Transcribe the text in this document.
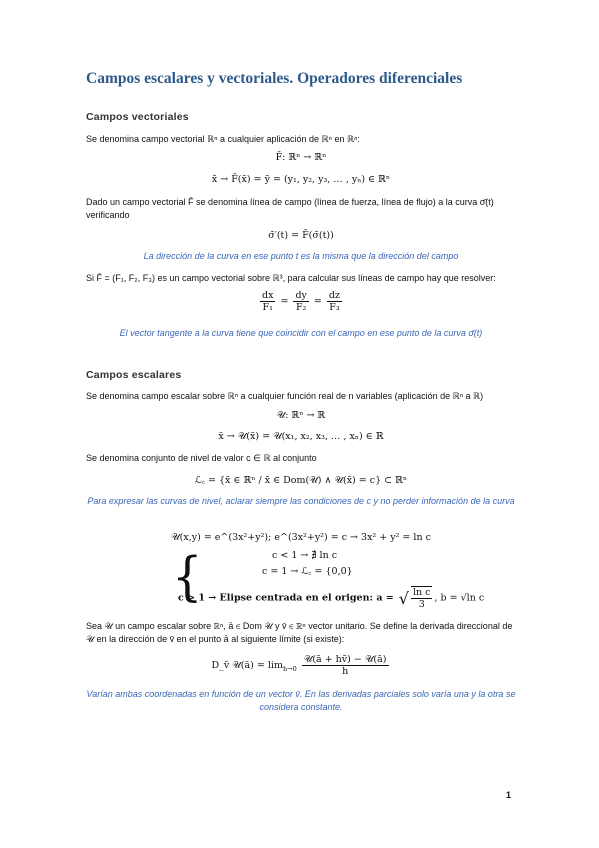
Campos escalares y vectoriales. Operadores diferenciales
Campos vectoriales
Se denomina campo vectorial ℝⁿ a cualquier aplicación de ℝⁿ en ℝⁿ:
F̄: ℝⁿ → ℝⁿ
x̄ → F̄(x̄) = ȳ = (y₁, y₂, y₃, … , yₙ) ∈ ℝⁿ
Dado un campo vectorial F̄ se denomina línea de campo (línea de fuerza, línea de flujo) a la curva σ̄(t) verificando
σ̄′(t) = F̄(σ̄(t))
La dirección de la curva en ese punto t es la misma que la dirección del campo
Si F̄ = (F₁, F₂, F₃) es un campo vectorial sobre ℝ³, para calcular sus líneas de campo hay que resolver:
$\frac{dx}{\text{F₁}} = \frac{dy}{\text{F₂}} = \frac{dz}{\text{F₃}}$
El vector tangente a la curva tiene que coincidir con el campo en ese punto de la curva σ̄(t)
Campos escalares
Se denomina campo escalar sobre ℝⁿ a cualquier función real de n variables (aplicación de ℝⁿ a ℝ)
𝒰: ℝⁿ → ℝ
x̄ → 𝒰(x̄) = 𝒰(x₁, x₂, x₃, … , xₙ) ∈ ℝ
Se denomina conjunto de nivel de valor c ∈ ℝ al conjunto
ℒ꜀ = {x̄ ∈ ℝⁿ / x̄ ∈ Dom(𝒰) ∧ 𝒰(x̄) = c} ⊂ ℝⁿ
Para expresar las curvas de nivel, aclarar siempre las condiciones de c y no perder información de la curva
𝒰(x,y) = e^(3x²+y²); e^(3x²+y²) = c → 3x² + y² = ln c
{	c < 1 → ∄ ln c
c = 1 → ℒ꜀ = {0,0}
c > 1 → Elipse centrada en el origen: a = √ $\frac{\text{ln c}}{3}$ , b = √ln c
Sea 𝒰 un campo escalar sobre ℝⁿ, ā ∈ Dom 𝒰 y v̄ ∈ ℝⁿ vector unitario. Se define la derivada direccional de 𝒰 en la dirección de v̄ en el punto ā al siguiente límite (si existe):
D_v̄ 𝒰(ā) = $\lim_{h\to 0} \frac{\text{𝒰(ā + hv̄) − 𝒰(ā)}}{h}$
Varían ambas coordenadas en función de un vector v̄. En las derivadas parciales solo varía una y la otra se considera constante.
1
